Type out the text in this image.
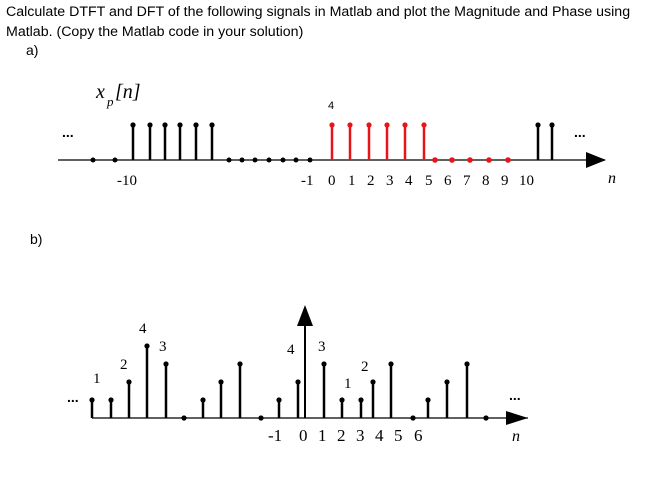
Calculate DTFT and DFT of the following signals in Matlab and plot the Magnitude and Phase using
Matlab. (Copy the Matlab code in your solution)

a)
b)
x p [n]
...	...
4
-10	-1 0 1 2 3 4 5 6 7 8 9 10	n
...	...
1
2
4
3	4 3
2
1
-1 0 1 2 3 4 5 6	n
